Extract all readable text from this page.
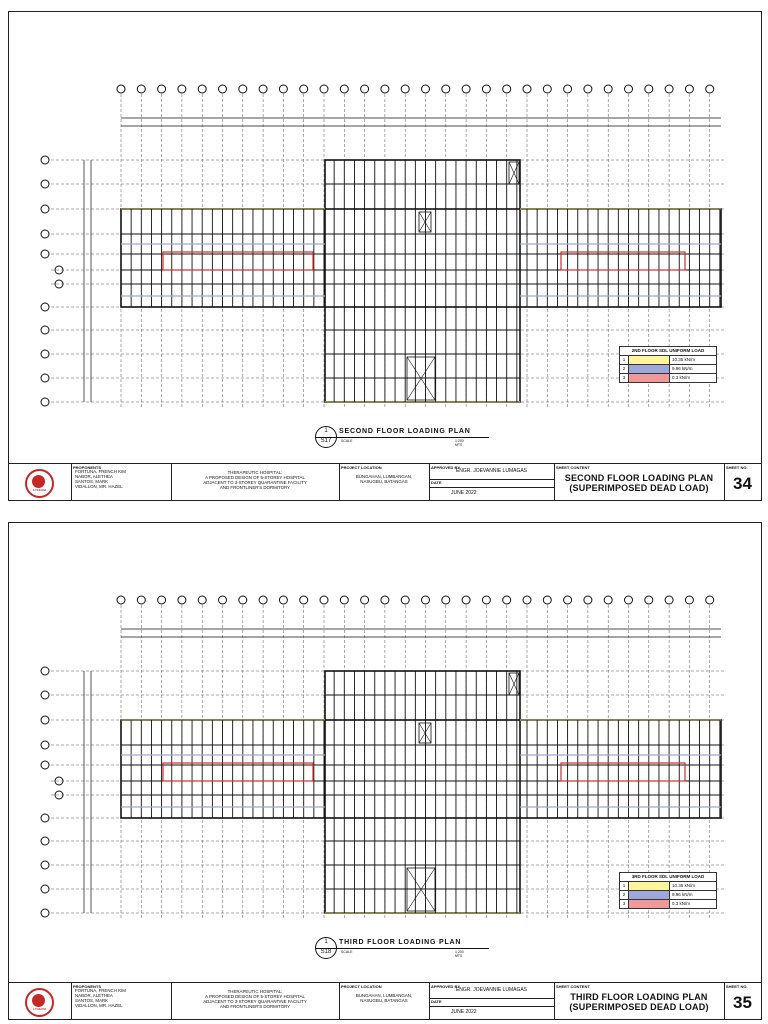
1
S17
SECOND FLOOR LOADING PLAN
SCALE	1:200 MTS
2ND FLOOR SDL UNIFORM LOAD
1	10.35 kN/m
2	9.96 kN/m
3	0.3 kN/m
LYCEUM
PROPONENTS
FORTUNA, FRENCH KIM
NABOR, ALETHEA
SANTOS, MARK
VIDALLON, MR. HAZEL
THERAPEUTIC HOSPITAL:
A PROPOSED DESIGN OF 5-STOREY HOSPITAL
ADJACENT TO 3-STOREY QUARANTINE FACILITY
AND FRONTLINER'S DORMITORY
PROJECT LOCATION
BUNGAHAN, LUMBANGAN,
NASUGBU, BATANGAS
APPROVED BY
ENGR. JOEVANNIE LUMAGAS
DATE
JUNE 2022
SHEET CONTENT
SECOND FLOOR LOADING PLAN
(SUPERIMPOSED DEAD LOAD)
SHEET NO.
34
1
S18
THIRD FLOOR LOADING PLAN
SCALE	1:200 MTS
3RD FLOOR SDL UNIFORM LOAD
1	10.35 kN/m
2	9.96 kN/m
3	0.3 kN/m
LYCEUM
PROPONENTS
FORTUNA, FRENCH KIM
NABOR, ALETHEA
SANTOS, MARK
VIDALLON, MR. HAZEL
THERAPEUTIC HOSPITAL:
A PROPOSED DESIGN OF 5-STOREY HOSPITAL
ADJACENT TO 3-STOREY QUARANTINE FACILITY
AND FRONTLINER'S DORMITORY
PROJECT LOCATION
BUNGAHAN, LUMBANGAN,
NASUGBU, BATANGAS
APPROVED BY
ENGR. JOEVANNIE LUMAGAS
DATE
JUNE 2022
SHEET CONTENT
THIRD FLOOR LOADING PLAN
(SUPERIMPOSED DEAD LOAD)
SHEET NO.
35
